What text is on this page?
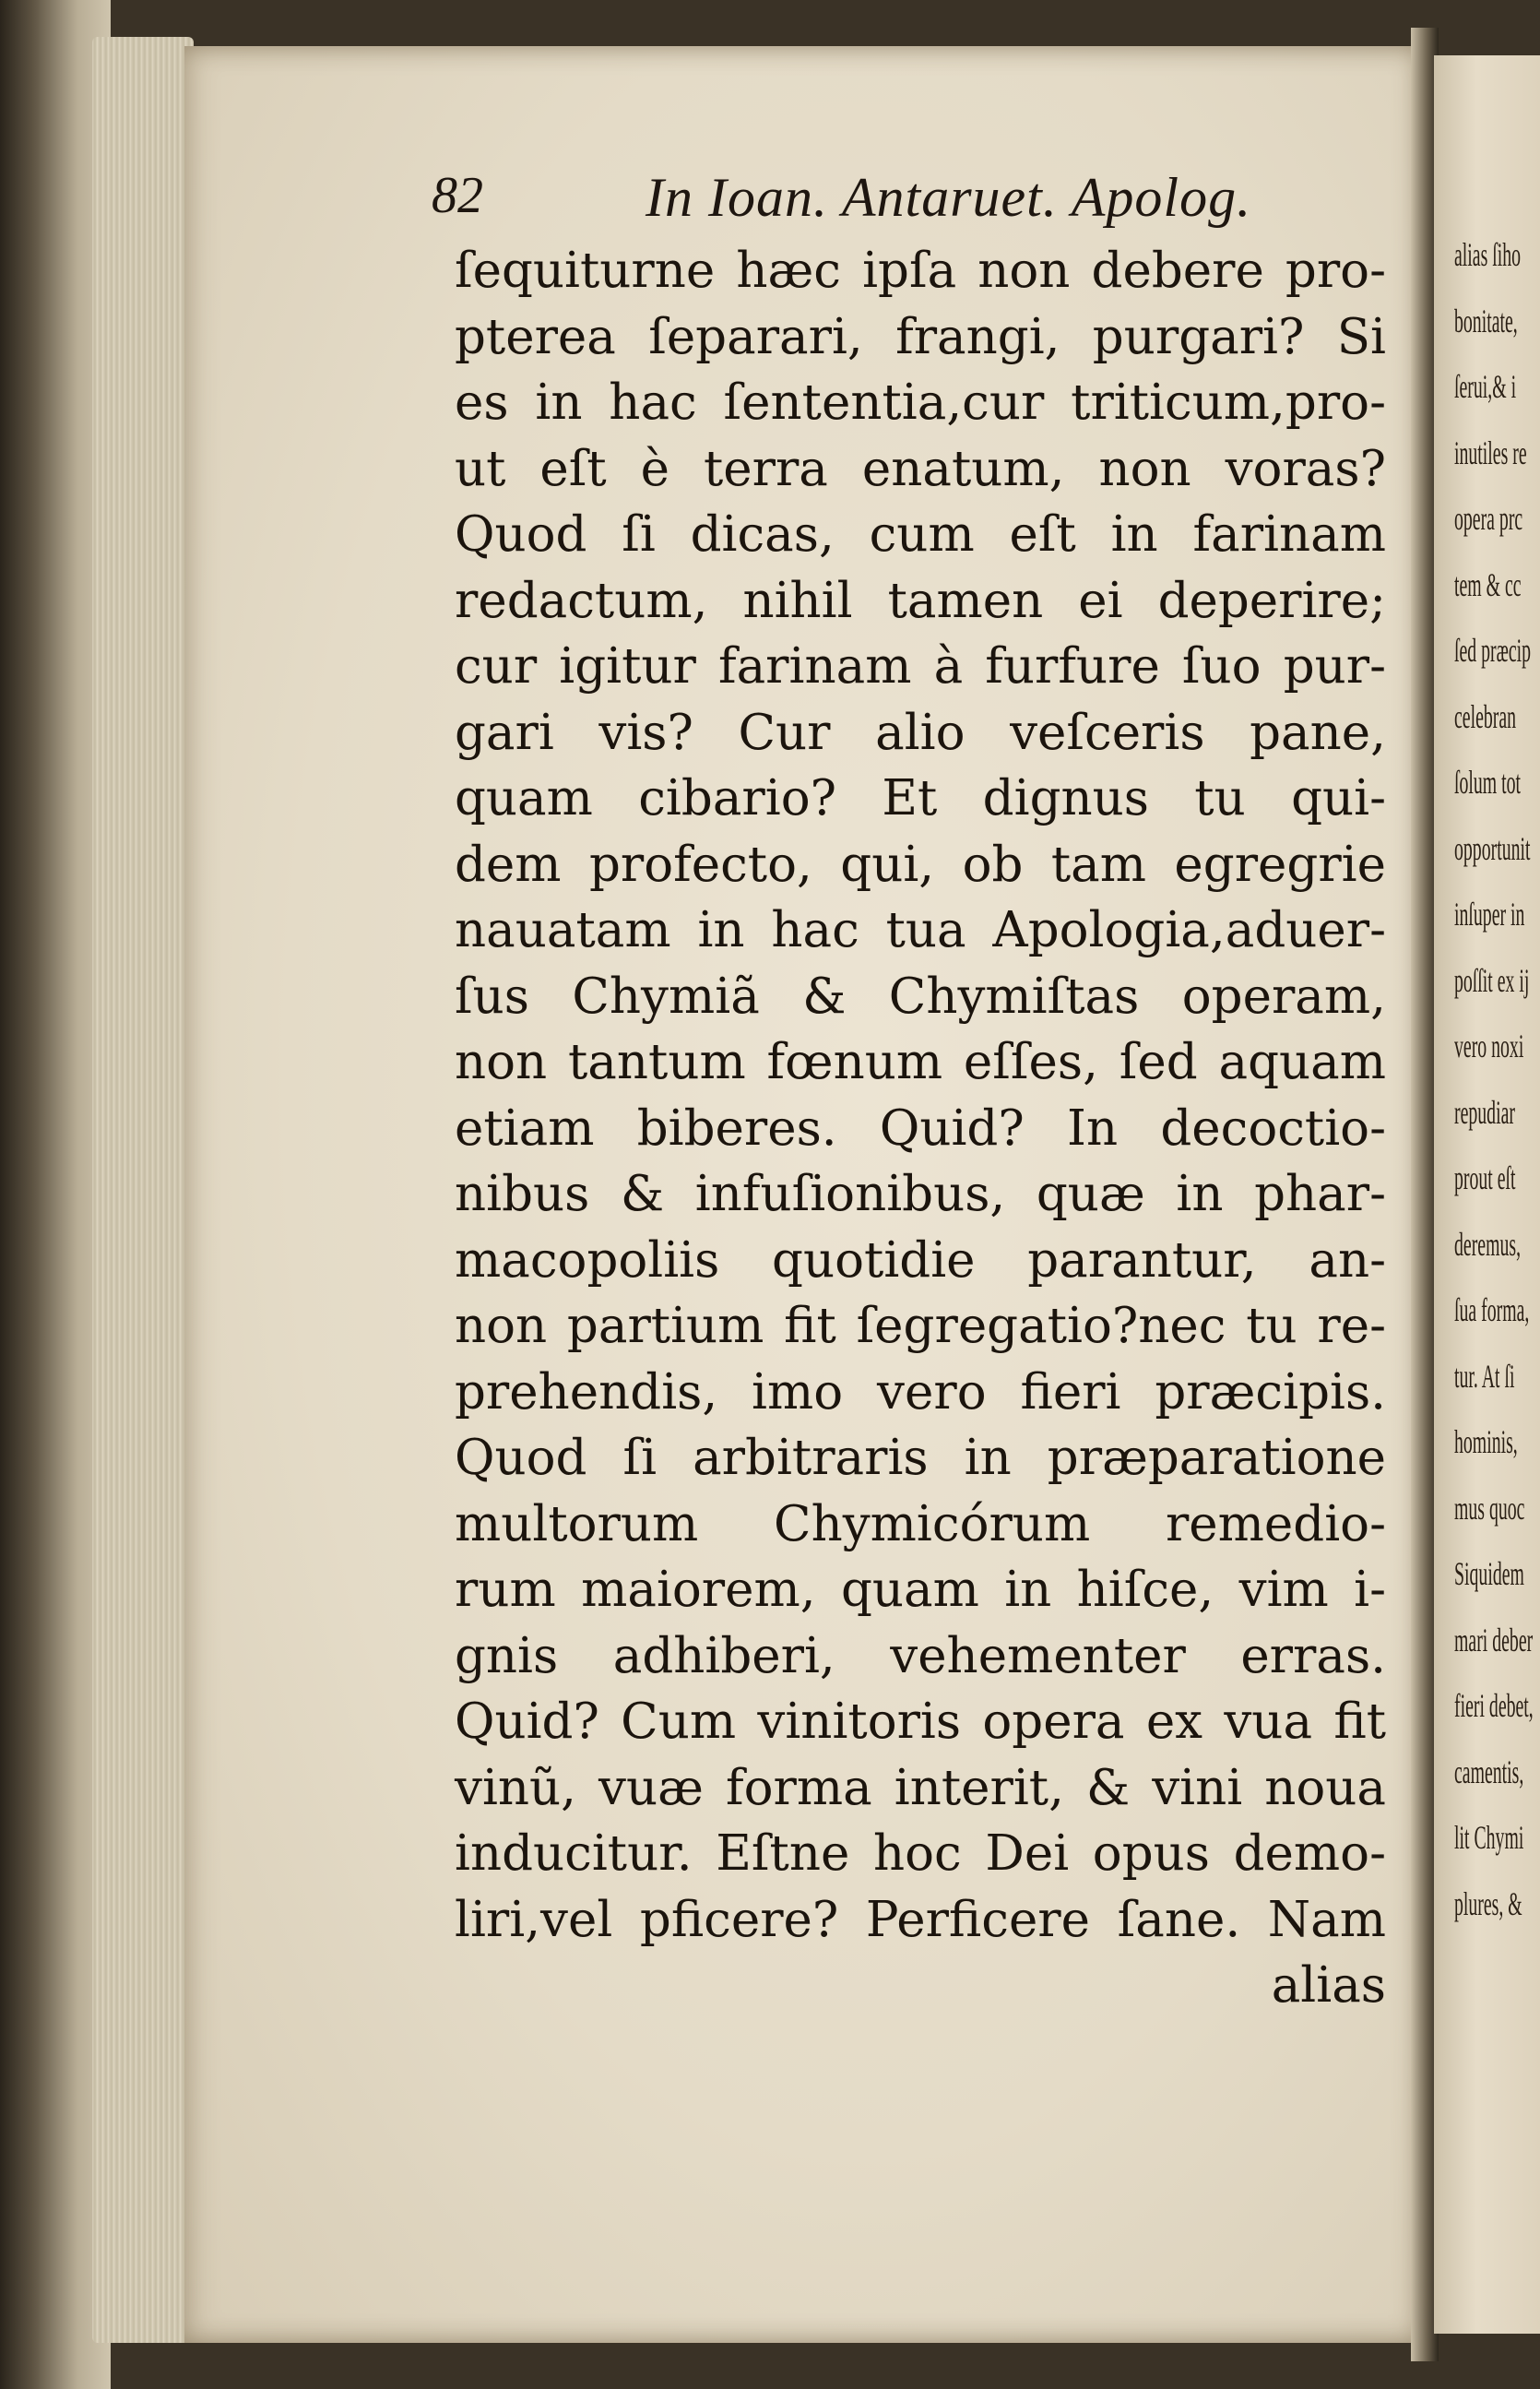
82	In Ioan. Antaruet. Apolog.
ſequiturne hæc ipſa non debere pro-
pterea ſeparari, frangi, purgari? Si
es in hac ſententia,cur triticum,pro-
ut eſt è terra enatum, non voras?
Quod ſi dicas, cum eſt in farinam
redactum, nihil tamen ei deperire;
cur igitur farinam à furfure ſuo pur-
gari vis? Cur alio veſceris pane,
quam cibario? Et dignus tu qui-
dem profecto, qui, ob tam egregrie
nauatam in hac tua Apologia,aduer-
ſus Chymiã & Chymiſtas operam,
non tantum fœnum eſſes, ſed aquam
etiam biberes. Quid? In decoctio-
nibus & infuſionibus, quæ in phar-
macopoliis quotidie parantur, an-
non partium fit ſegregatio?nec tu re-
prehendis, imo vero fieri præcipis.
Quod ſi arbitraris in præparatione
multorum Chymicórum remedio-
rum maiorem, quam in hiſce, vim i-
gnis adhiberi, vehementer erras.
Quid? Cum vinitoris opera ex vua fit
vinũ, vuæ forma interit, & vini noua
inducitur. Eſtne hoc Dei opus demo-
liri,vel pficere? Perficere ſane. Nam
alias
alias ſiho
bonitate,
ſerui,& i
inutiles re
opera prc
tem & cc
ſed præcip
celebran
ſolum tot
opportunit
inſuper in
poſſit ex ij
vero noxi
repudiar
prout eſt
deremus,
ſua forma,
tur. At ſi
hominis,
mus quoc
Siquidem
mari deber
fieri debet,
camentis,
lit Chymi
plures, &
